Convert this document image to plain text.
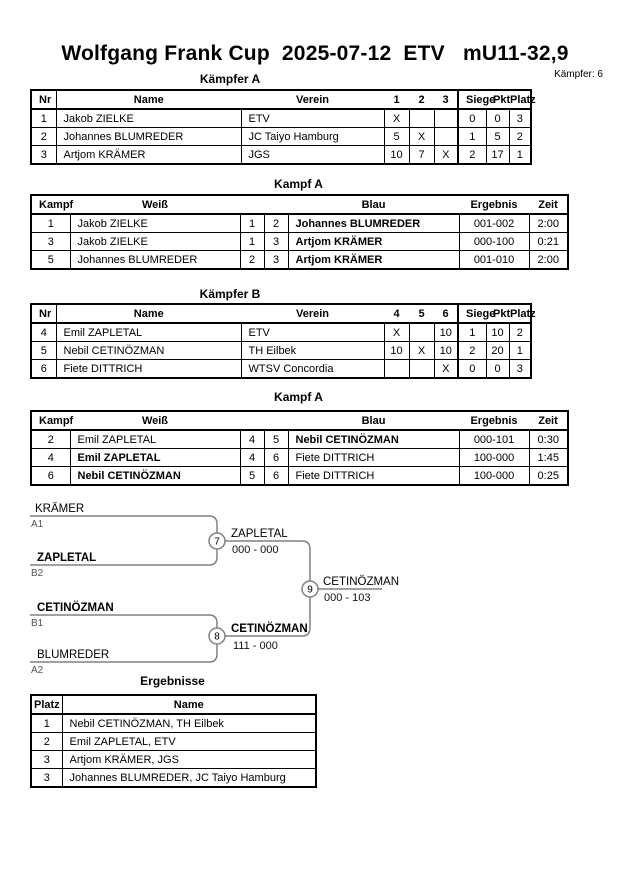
Wolfgang Frank Cup  2025-07-12  ETV   mU11-32,9
Kämpfer A	Kämpfer: 6
Nr	Name	Verein	1	2	3	Siege	Pkt	Platz
1	Jakob ZIELKE	ETV	X			0	0	3
2	Johannes BLUMREDER	JC Taiyo Hamburg	5	X		1	5	2
3	Artjom KRÄMER	JGS	10	7	X	2	17	1
Kampf A
Kampf	Weiß			Blau	Ergebnis	Zeit
1	Jakob ZIELKE	1	2	Johannes BLUMREDER	001-002	2:00
3	Jakob ZIELKE	1	3	Artjom KRÄMER	000-100	0:21
5	Johannes BLUMREDER	2	3	Artjom KRÄMER	001-010	2:00
Kämpfer B
Nr	Name	Verein	4	5	6	Siege	Pkt	Platz
4	Emil ZAPLETAL	ETV	X		10	1	10	2
5	Nebil CETINÖZMAN	TH Eilbek	10	X	10	2	20	1
6	Fiete DITTRICH	WTSV Concordia			X	0	0	3
Kampf A
Kampf	Weiß			Blau	Ergebnis	Zeit
2	Emil ZAPLETAL	4	5	Nebil CETINÖZMAN	000-101	0:30
4	Emil ZAPLETAL	4	6	Fiete DITTRICH	100-000	1:45
6	Nebil CETINÖZMAN	5	6	Fiete DITTRICH	100-000	0:25
KRÄMER
A1
ZAPLETAL
B2
CETINÖZMAN
B1
BLUMREDER
A2
7
ZAPLETAL
000 - 000
8
CETINÖZMAN
111 - 000
9
CETINÖZMAN
000 - 103
Ergebnisse
Platz	Name
1	Nebil CETINÖZMAN, TH Eilbek
2	Emil ZAPLETAL, ETV
3	Artjom KRÄMER, JGS
3	Johannes BLUMREDER, JC Taiyo Hamburg
